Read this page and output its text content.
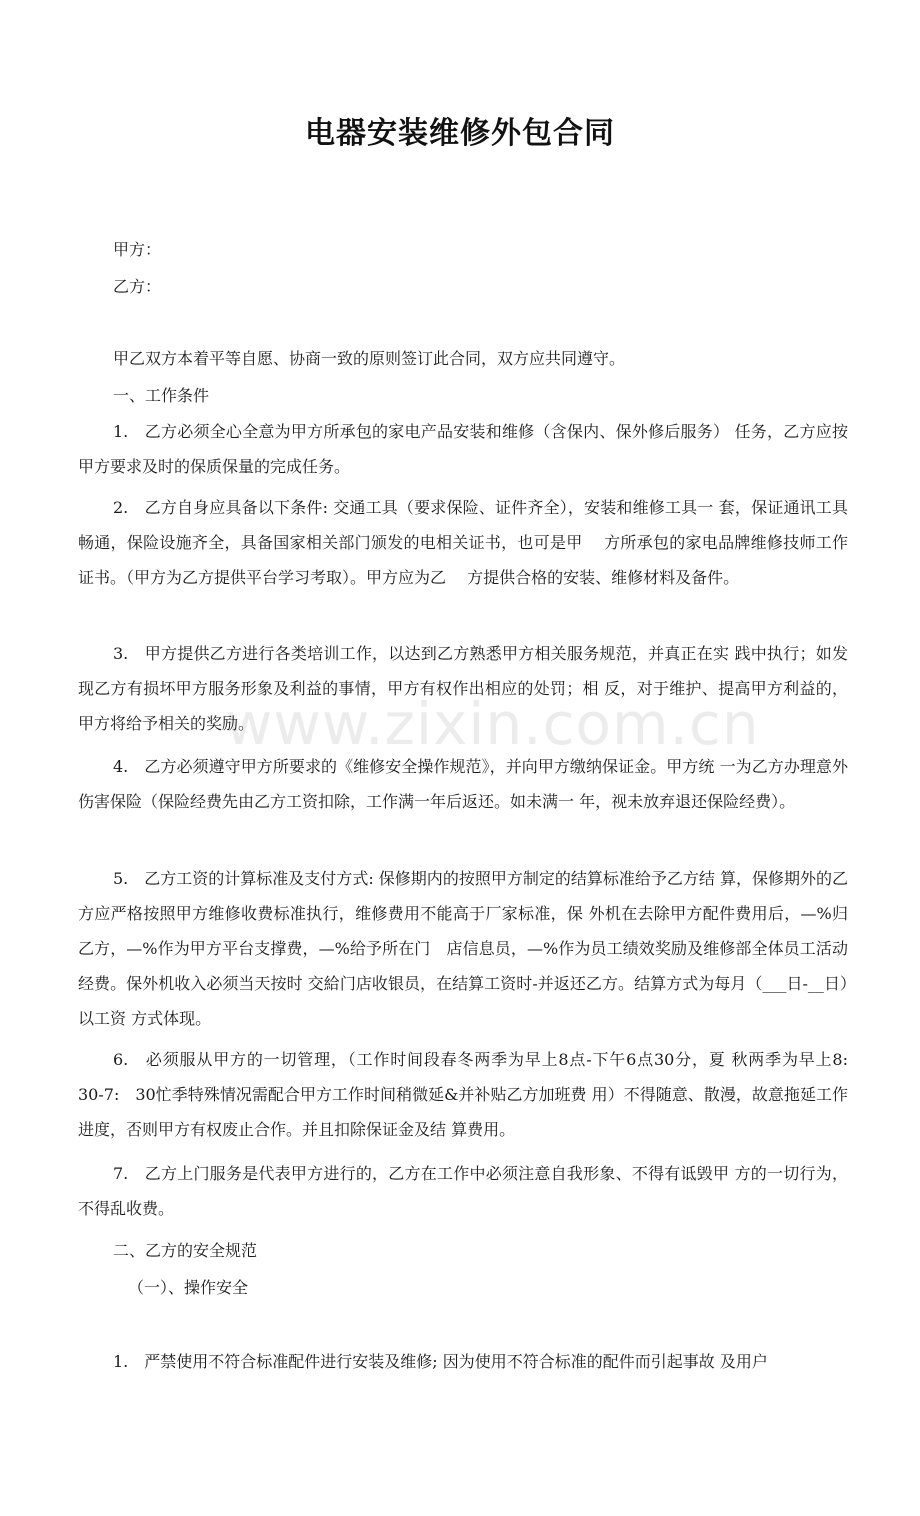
www.zixin.com.cn
电器安装维修外包合同
甲方：
乙方：

甲乙双方本着平等自愿、协商一致的原则签订此合同，双方应共同遵守。

一、工作条件

1.　乙方必须全心全意为甲方所承包的家电产品安装和维修（含保内、保外修后服务） 任务，乙方应按甲方要求及时的保质保量的完成任务。

2.　乙方自身应具备以下条件: 交通工具（要求保险、证件齐全），安装和维修工具一 套，保证通讯工具畅通，保险设施齐全，具备国家相关部门颁发的电相关证书，也可是甲　 方所承包的家电品牌维修技师工作证书。（甲方为乙方提供平台学习考取）。甲方应为乙　 方提供合格的安装、维修材料及备件。

3.　甲方提供乙方进行各类培训工作，以达到乙方熟悉甲方相关服务规范，并真正在实 践中执行；如发现乙方有损坏甲方服务形象及利益的事情，甲方有权作出相应的处罚；相 反，对于维护、提高甲方利益的，甲方将给予相关的奖励。

4.　乙方必须遵守甲方所要求的《维修安全操作规范》，并向甲方缴纳保证金。甲方统 一为乙方办理意外伤害保险（保险经费先由乙方工资扣除，工作满一年后返还。如未满一 年，视未放弃退还保险经费）。

5.　乙方工资的计算标准及支付方式: 保修期内的按照甲方制定的结算标准给予乙方结 算，保修期外的乙方应严格按照甲方维修收费标准执行，维修费用不能高于厂家标准，保 外机在去除甲方配件费用后，—%归乙方，—%作为甲方平台支撑费，—%给予所在门　店信息员，—%作为员工绩效奖励及维修部全体员工活动经费。保外机收入必须当天按时 交給门店收银员，在结算工资时-并返还乙方。结算方式为每月（___日-__日）以工资 方式体现。

6.　必须服从甲方的一切管理，（工作时间段春冬两季为早上8点-下午6点30分，夏 秋两季为早上8:　30-7:　30忙季特殊情况需配合甲方工作时间稍微延&并补贴乙方加班费 用）不得随意、散漫，故意拖延工作进度，否则甲方有权废止合作。并且扣除保证金及结 算费用。

7.　乙方上门服务是代表甲方进行的，乙方在工作中必须注意自我形象、不得有诋毁甲 方的一切行为，不得乱收费。

二、乙方的安全规范
（一）、操作安全
1.　严禁使用不符合标准配件进行安装及维修; 因为使用不符合标准的配件而引起事故 及用户
